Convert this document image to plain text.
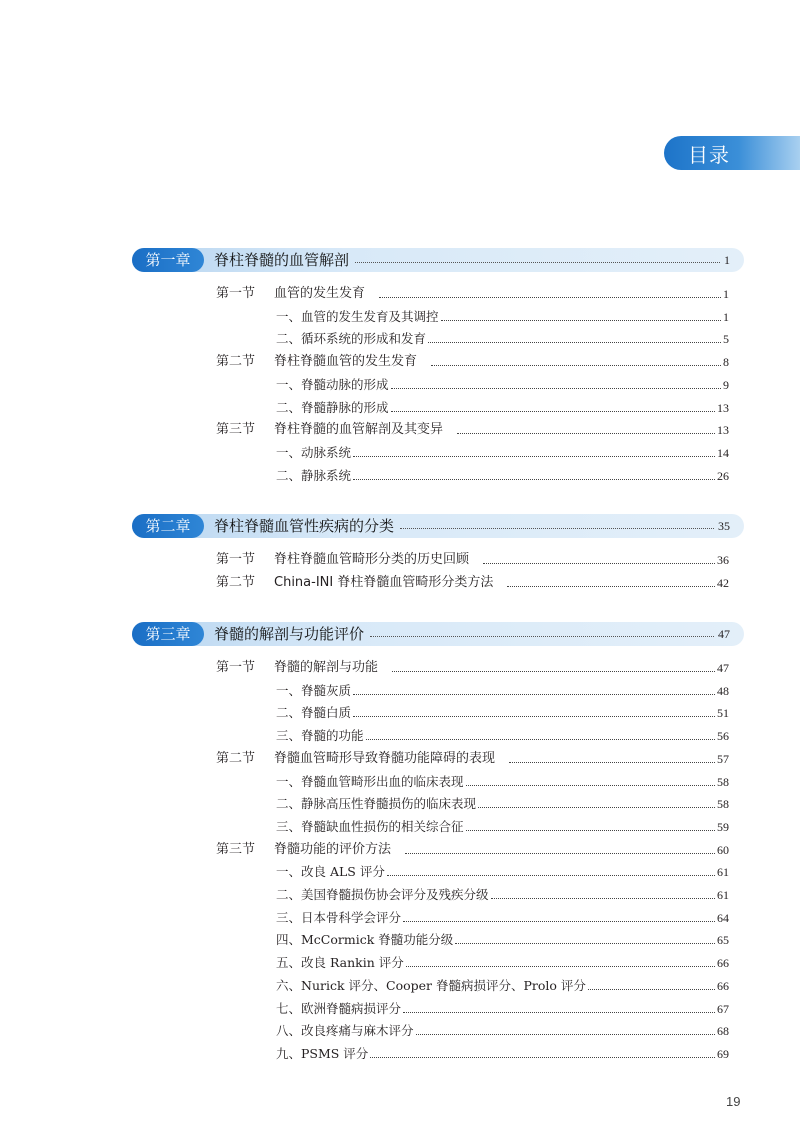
目录
第一章	脊柱脊髓的血管解剖	1
第一节 血管的发生发育	1
一、血管的发生发育及其调控	1
二、循环系统的形成和发育	5
第二节 脊柱脊髓血管的发生发育	8
一、脊髓动脉的形成	9
二、脊髓静脉的形成	13
第三节 脊柱脊髓的血管解剖及其变异	13
一、动脉系统	14
二、静脉系统	26
第二章	脊柱脊髓血管性疾病的分类	35
第一节 脊柱脊髓血管畸形分类的历史回顾	36
第二节 China-INI 脊柱脊髓血管畸形分类方法	42
第三章	脊髓的解剖与功能评价	47
第一节 脊髓的解剖与功能	47
一、脊髓灰质	48
二、脊髓白质	51
三、脊髓的功能	56
第二节 脊髓血管畸形导致脊髓功能障碍的表现	57
一、脊髓血管畸形出血的临床表现	58
二、静脉高压性脊髓损伤的临床表现	58
三、脊髓缺血性损伤的相关综合征	59
第三节 脊髓功能的评价方法	60
一、改良 ALS 评分	61
二、美国脊髓损伤协会评分及残疾分级	61
三、日本骨科学会评分	64
四、McCormick 脊髓功能分级	65
五、改良 Rankin 评分	66
六、Nurick 评分、Cooper 脊髓病损评分、Prolo 评分	66
七、欧洲脊髓病损评分	67
八、改良疼痛与麻木评分	68
九、PSMS 评分	69
19
